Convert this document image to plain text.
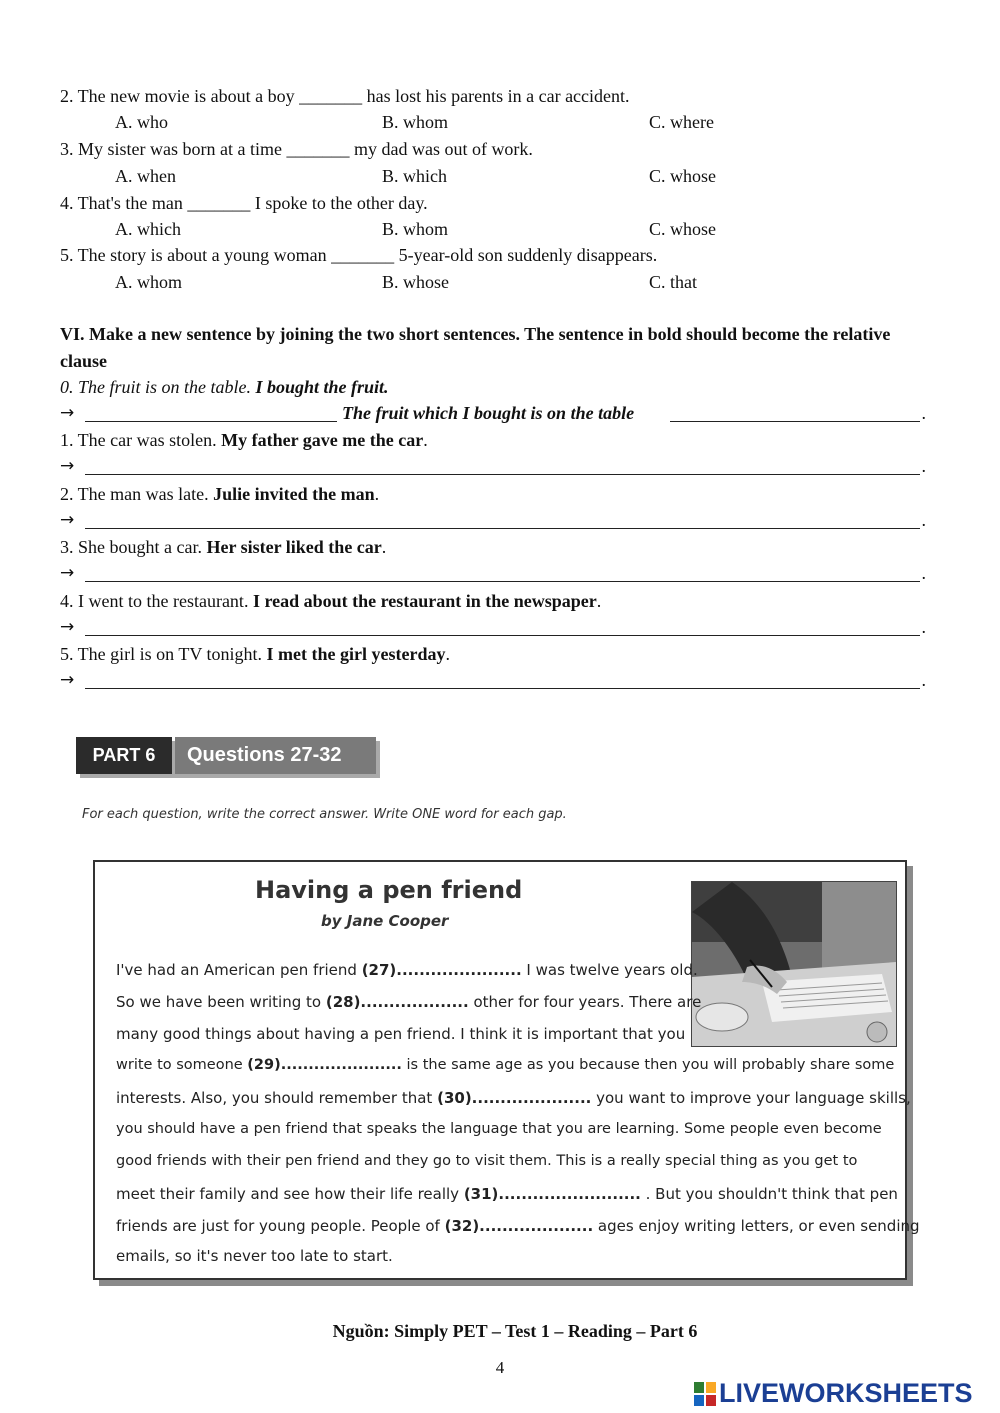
2. The new movie is about a boy _______ has lost his parents in a car accident.
A. who	B. whom	C. where
3. My sister was born at a time _______ my dad was out of work.
A. when	B. which	C. whose
4. That's the man _______ I spoke to the other day.
A. which	B. whom	C. whose
5. The story is about a young woman _______ 5-year-old son suddenly disappears.
A. whom	B. whose	C. that
VI. Make a new sentence by joining the two short sentences. The sentence in bold should become the relative clause
0. The fruit is on the table. I bought the fruit.
→	The fruit which I bought is on the table	.
1. The car was stolen. My father gave me the car.
→	.
2. The man was late. Julie invited the man.
→	.
3. She bought a car. Her sister liked the car.
→	.
4. I went to the restaurant. I read about the restaurant in the newspaper.
→	.
5. The girl is on TV tonight. I met the girl yesterday.
→	.
PART 6	Questions 27-32
For each question, write the correct answer. Write ONE word for each gap.
Having a pen friend
by Jane Cooper
I've had an American pen friend (27)...................... I was twelve years old.
So we have been writing to (28)................... other for four years. There are
many good things about having a pen friend. I think it is important that you
write to someone (29)...................... is the same age as you because then you will probably share some
interests. Also, you should remember that (30)..................... you want to improve your language skills,
you should have a pen friend that speaks the language that you are learning. Some people even become
good friends with their pen friend and they go to visit them. This is a really special thing as you get to
meet their family and see how their life really (31)......................... . But you shouldn't think that pen
friends are just for young people. People of (32).................... ages enjoy writing letters, or even sending
emails, so it's never too late to start.
Nguồn: Simply PET – Test 1 – Reading – Part 6
4
LIVEWORKSHEETS
